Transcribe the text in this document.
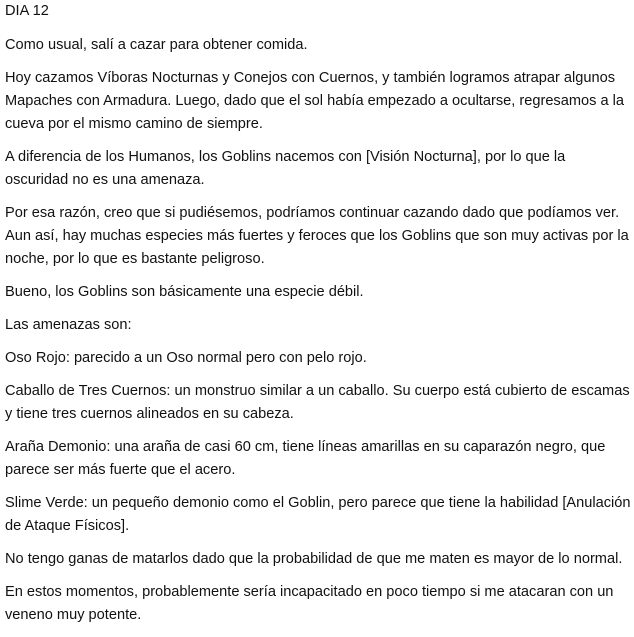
DIA 12

Como usual, salí a cazar para obtener comida.

Hoy cazamos Víboras Nocturnas y Conejos con Cuernos, y también logramos atrapar algunos Mapaches con Armadura. Luego, dado que el sol había empezado a ocultarse, regresamos a la cueva por el mismo camino de siempre.

A diferencia de los Humanos, los Goblins nacemos con [Visión Nocturna], por lo que la oscuridad no es una amenaza.

Por esa razón, creo que si pudiésemos, podríamos continuar cazando dado que podíamos ver. Aun así, hay muchas especies más fuertes y feroces que los Goblins que son muy activas por la noche, por lo que es bastante peligroso.

Bueno, los Goblins son básicamente una especie débil.

Las amenazas son:

Oso Rojo: parecido a un Oso normal pero con pelo rojo.

Caballo de Tres Cuernos: un monstruo similar a un caballo. Su cuerpo está cubierto de escamas y tiene tres cuernos alineados en su cabeza.

Araña Demonio: una araña de casi 60 cm, tiene líneas amarillas en su caparazón negro, que parece ser más fuerte que el acero.

Slime Verde: un pequeño demonio como el Goblin, pero parece que tiene la habilidad [Anulación de Ataque Físicos].

No tengo ganas de matarlos dado que la probabilidad de que me maten es mayor de lo normal.

En estos momentos, probablemente sería incapacitado en poco tiempo si me atacaran con un veneno muy potente.
